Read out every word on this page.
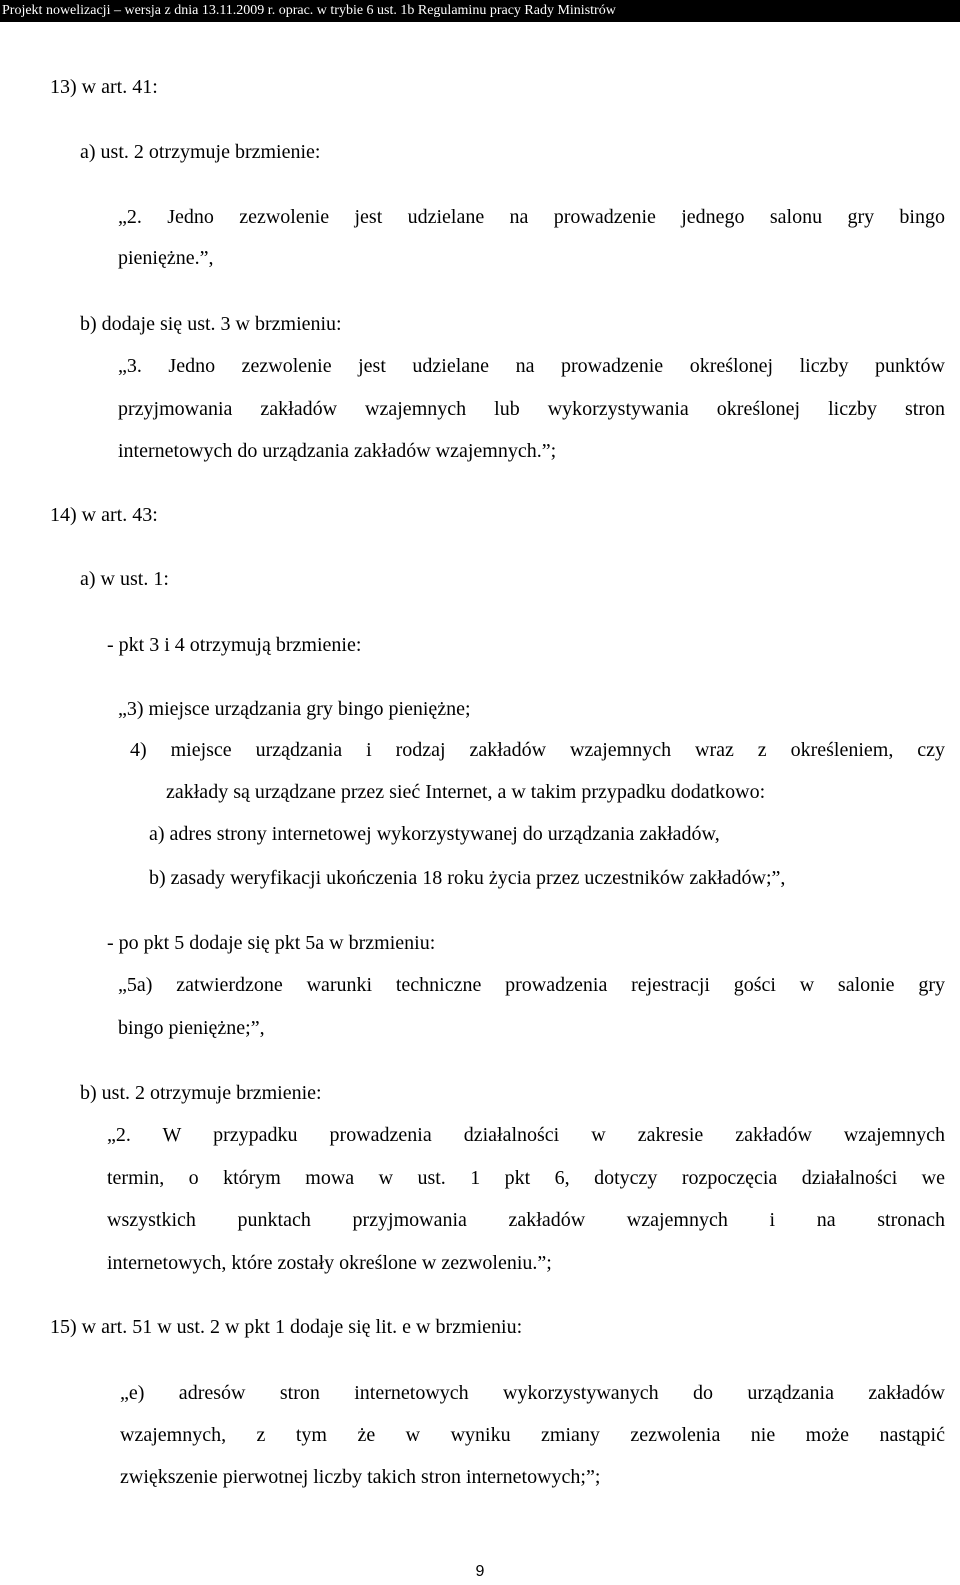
Projekt nowelizacji – wersja z dnia 13.11.2009 r. oprac. w trybie 6 ust. 1b Regulaminu pracy Rady Ministrów
13) w art. 41:
a) ust. 2 otrzymuje brzmienie:
„2. Jedno zezwolenie jest udzielane na prowadzenie jednego salonu gry bingo
pieniężne.”,
b) dodaje się ust. 3 w brzmieniu:
„3. Jedno zezwolenie jest udzielane na prowadzenie określonej liczby punktów
przyjmowania zakładów wzajemnych lub wykorzystywania określonej liczby stron
internetowych do urządzania zakładów wzajemnych.”;
14) w art. 43:
a) w ust. 1:
- pkt 3 i 4 otrzymują brzmienie:
„3) miejsce urządzania gry bingo pieniężne;
4) miejsce urządzania i rodzaj zakładów wzajemnych wraz z określeniem, czy
zakłady są urządzane przez sieć Internet, a w takim przypadku dodatkowo:
a) adres strony internetowej wykorzystywanej do urządzania zakładów,
b) zasady weryfikacji ukończenia 18 roku życia przez uczestników zakładów;”,
- po pkt 5 dodaje się pkt 5a w brzmieniu:
„5a) zatwierdzone warunki techniczne prowadzenia rejestracji gości w salonie gry
bingo pieniężne;”,
b) ust. 2 otrzymuje brzmienie:
„2. W przypadku prowadzenia działalności w zakresie zakładów wzajemnych
termin, o którym mowa w ust. 1 pkt 6, dotyczy rozpoczęcia działalności we
wszystkich punktach przyjmowania zakładów wzajemnych i na stronach
internetowych, które zostały określone w zezwoleniu.”;
15) w art. 51 w ust. 2 w pkt 1 dodaje się lit. e w brzmieniu:
„e) adresów stron internetowych wykorzystywanych do urządzania zakładów
wzajemnych, z tym że w wyniku zmiany zezwolenia nie może nastąpić
zwiększenie pierwotnej liczby takich stron internetowych;”;
9
